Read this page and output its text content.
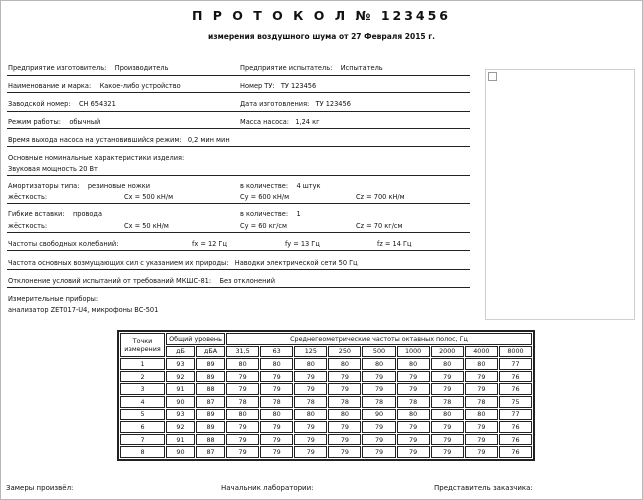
П Р О Т О К О Л № 123456
измерения воздушного шума от 27 Февраля 2015 г.
Предприятие изготовитель: Производитель	Предприятие испытатель: Испытатель
Наименование и марка: Какое-либо устройство	Номер ТУ: ТУ 123456
Заводской номер: СН 654321	Дата изготовления: ТУ 123456
Режим работы: обычный	Масса насоса: 1,24 кг
Время выхода насоса на установившийся режим: 0,2 мин мин
Основные номинальные характеристики изделия:
Звуковая мощность 20 Вт
Амортизаторы типа: резиновые ножки	в количестве: 4 штук
жёсткость:	Сх = 500 кН/м	Су = 600 кН/м	Сz = 700 кН/м
Гибкие вставки: провода	в количестве: 1
жёсткость:	Сх = 50 кН/м	Су = 60 кг/см	Сz = 70 кг/см
Частоты свободных колебаний:	fx = 12 Гц	fy = 13 Гц	fz = 14 Гц
Частота основных возмущающих сил с указанием их природы: Наводки электрической сети 50 Гц
Отклонение условий испытаний от требований МКШС-81: Без отклонений
Измерительные приборы:
анализатор ZET017-U4, микрофоны ВС-501
Точки измерения	Общий уровень		Среднегеометрические частоты октавных полос, Гц								
	дБ	дБА	31,5	63	125	250	500	1000	2000	4000	8000
1	93	89	80	80	80	80	80	80	80	80	77
2	92	89	79	79	79	79	79	79	79	79	76
3	91	88	79	79	79	79	79	79	79	79	76
4	90	87	78	78	78	78	78	78	78	78	75
5	93	89	80	80	80	80	90	80	80	80	77
6	92	89	79	79	79	79	79	79	79	79	76
7	91	88	79	79	79	79	79	79	79	79	76
8	90	87	79	79	79	79	79	79	79	79	76
Замеры произвёл:	Начальник лаборатории:	Представитель заказчика:
